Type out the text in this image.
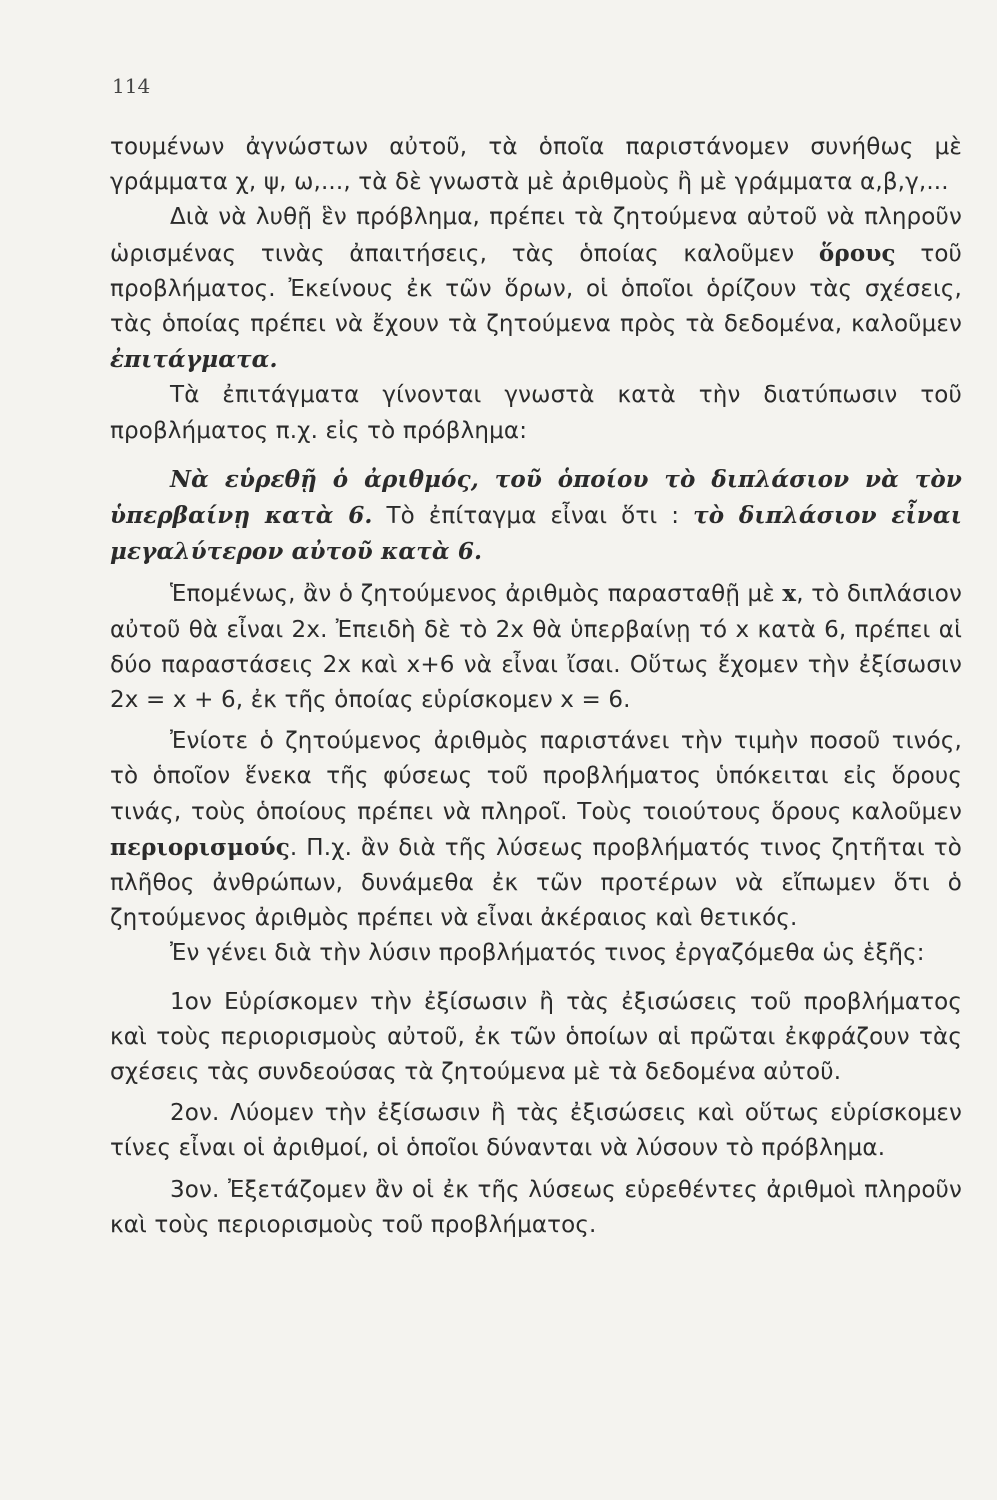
114

τουμένων ἀγνώστων αὐτοῦ, τὰ ὁποῖα παριστάνομεν συνήθως μὲ γράμματα χ, ψ, ω,..., τὰ δὲ γνωστὰ μὲ ἀριθμοὺς ἢ μὲ γράμματα α,β,γ,...

Διὰ νὰ λυθῇ ἓν πρόβλημα, πρέπει τὰ ζητούμενα αὐτοῦ νὰ πληροῦν ὡρισμένας τινὰς ἀπαιτήσεις, τὰς ὁποίας καλοῦμεν ὅρους τοῦ προβλήματος. Ἐκείνους ἐκ τῶν ὅρων, οἱ ὁποῖοι ὁρίζουν τὰς σχέσεις, τὰς ὁποίας πρέπει νὰ ἔχουν τὰ ζητούμενα πρὸς τὰ δεδομένα, καλοῦμεν ἐπιτάγματα.

Τὰ ἐπιτάγματα γίνονται γνωστὰ κατὰ τὴν διατύπωσιν τοῦ προβλήματος π.χ. εἰς τὸ πρόβλημα:

Νὰ εὑρεθῇ ὁ ἀριθμός, τοῦ ὁποίου τὸ διπλάσιον νὰ τὸν ὑπερβαίνῃ κατὰ 6. Τὸ ἐπίταγμα εἶναι ὅτι : τὸ διπλάσιον εἶναι μεγαλύτερον αὐτοῦ κατὰ 6.

Ἑπομένως, ἂν ὁ ζητούμενος ἀριθμὸς παρασταθῇ μὲ x, τὸ διπλάσιον αὐτοῦ θὰ εἶναι 2x. Ἐπειδὴ δὲ τὸ 2x θὰ ὑπερβαίνῃ τό x κατὰ 6, πρέπει αἱ δύο παραστάσεις 2x καὶ x+6 νὰ εἶναι ἴσαι. Οὕτως ἔχομεν τὴν ἐξίσωσιν 2x = x + 6, ἐκ τῆς ὁποίας εὑρίσκομεν x = 6.

Ἐνίοτε ὁ ζητούμενος ἀριθμὸς παριστάνει τὴν τιμὴν ποσοῦ τινός, τὸ ὁποῖον ἕνεκα τῆς φύσεως τοῦ προβλήματος ὑπόκειται εἰς ὅρους τινάς, τοὺς ὁποίους πρέπει νὰ πληροῖ. Τοὺς τοιούτους ὅρους καλοῦμεν περιορισμούς. Π.χ. ἂν διὰ τῆς λύσεως προβλήματός τινος ζητῆται τὸ πλῆθος ἀνθρώπων, δυνάμεθα ἐκ τῶν προτέρων νὰ εἴπωμεν ὅτι ὁ ζητούμενος ἀριθμὸς πρέπει νὰ εἶναι ἀκέραιος καὶ θετικός.

Ἐν γένει διὰ τὴν λύσιν προβλήματός τινος ἐργαζόμεθα ὡς ἑξῆς:

1ον Εὑρίσκομεν τὴν ἐξίσωσιν ἢ τὰς ἐξισώσεις τοῦ προβλήματος καὶ τοὺς περιορισμοὺς αὐτοῦ, ἐκ τῶν ὁποίων αἱ πρῶται ἐκφράζουν τὰς σχέσεις τὰς συνδεούσας τὰ ζητούμενα μὲ τὰ δεδομένα αὐτοῦ.

2ον. Λύομεν τὴν ἐξίσωσιν ἢ τὰς ἐξισώσεις καὶ οὕτως εὑρίσκομεν τίνες εἶναι οἱ ἀριθμοί, οἱ ὁποῖοι δύνανται νὰ λύσουν τὸ πρόβλημα.

3ον. Ἐξετάζομεν ἂν οἱ ἐκ τῆς λύσεως εὑρεθέντες ἀριθμοὶ πληροῦν καὶ τοὺς περιορισμοὺς τοῦ προβλήματος.
